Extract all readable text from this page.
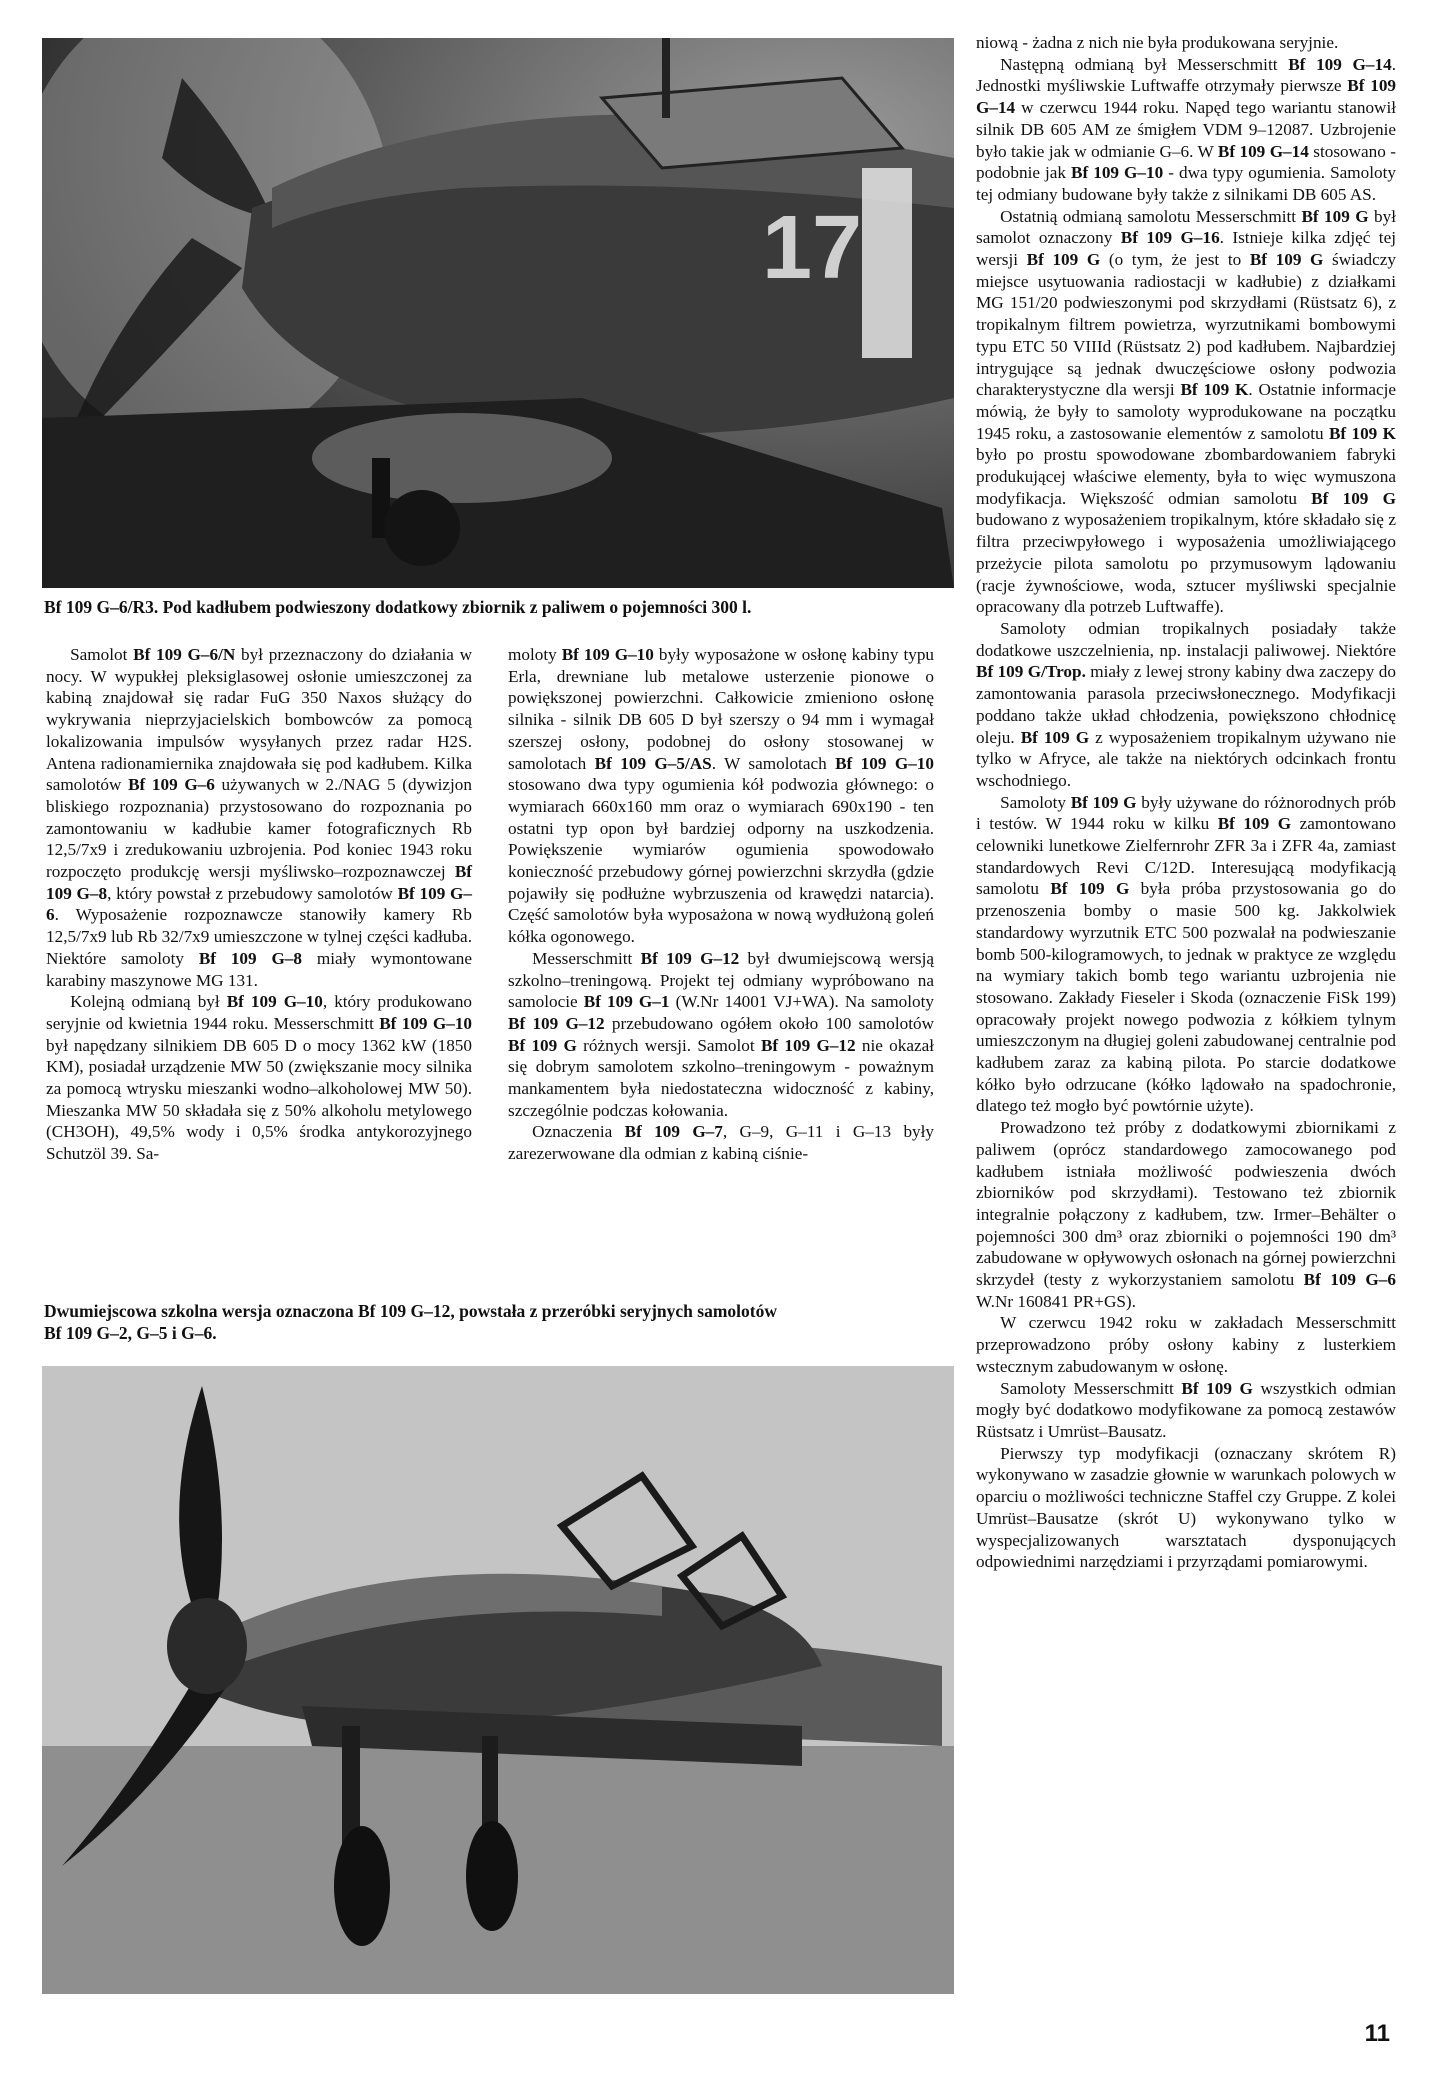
17
Bf 109 G–6/R3. Pod kadłubem podwieszony dodatkowy zbiornik z paliwem o pojemności 300 l.

Samolot Bf 109 G–6/N był przeznaczony do działania w nocy. W wypukłej pleksiglasowej osłonie umieszczonej za kabiną znajdował się radar FuG 350 Naxos służący do wykrywania nieprzyjacielskich bombowców za pomocą lokalizowania impulsów wysyłanych przez radar H2S. Antena radionamiernika znajdowała się pod kadłubem. Kilka samolotów Bf 109 G–6 używanych w 2./NAG 5 (dywizjon bliskiego rozpoznania) przystosowano do rozpoznania po zamontowaniu w kadłubie kamer fotograficznych Rb 12,5/7x9 i zredukowaniu uzbrojenia. Pod koniec 1943 roku rozpoczęto produkcję wersji myśliwsko–rozpoznawczej Bf 109 G–8, który powstał z przebudowy samolotów Bf 109 G–6. Wyposażenie rozpoznawcze stanowiły kamery Rb 12,5/7x9 lub Rb 32/7x9 umieszczone w tylnej części kadłuba. Niektóre samoloty Bf 109 G–8 miały wymontowane karabiny maszynowe MG 131.

Kolejną odmianą był Bf 109 G–10, który produkowano seryjnie od kwietnia 1944 roku. Messerschmitt Bf 109 G–10 był napędzany silnikiem DB 605 D o mocy 1362 kW (1850 KM), posiadał urządzenie MW 50 (zwiększanie mocy silnika za pomocą wtrysku mieszanki wodno–alkoholowej MW 50). Mieszanka MW 50 składała się z 50% alkoholu metylowego (CH3OH), 49,5% wody i 0,5% środka antykorozyjnego Schutzöl 39. Sa-

moloty Bf 109 G–10 były wyposażone w osłonę kabiny typu Erla, drewniane lub metalowe usterzenie pionowe o powiększonej powierzchni. Całkowicie zmieniono osłonę silnika - silnik DB 605 D był szerszy o 94 mm i wymagał szerszej osłony, podobnej do osłony stosowanej w samolotach Bf 109 G–5/AS. W samolotach Bf 109 G–10 stosowano dwa typy ogumienia kół podwozia głównego: o wymiarach 660x160 mm oraz o wymiarach 690x190 - ten ostatni typ opon był bardziej odporny na uszkodzenia. Powiększenie wymiarów ogumienia spowodowało konieczność przebudowy górnej powierzchni skrzydła (gdzie pojawiły się podłużne wybrzuszenia od krawędzi natarcia). Część samolotów była wyposażona w nową wydłużoną goleń kółka ogonowego.

Messerschmitt Bf 109 G–12 był dwumiejscową wersją szkolno–treningową. Projekt tej odmiany wypróbowano na samolocie Bf 109 G–1 (W.Nr 14001 VJ+WA). Na samoloty Bf 109 G–12 przebudowano ogółem około 100 samolotów Bf 109 G różnych wersji. Samolot Bf 109 G–12 nie okazał się dobrym samolotem szkolno–treningowym - poważnym mankamentem była niedostateczna widoczność z kabiny, szczególnie podczas kołowania.

Oznaczenia Bf 109 G–7, G–9, G–11 i G–13 były zarezerwowane dla odmian z kabiną ciśnie-

Dwumiejscowa szkolna wersja oznaczona Bf 109 G–12, powstała z przeróbki seryjnych samolotów
Bf 109 G–2, G–5 i G–6.

niową - żadna z nich nie była produkowana seryjnie.

Następną odmianą był Messerschmitt Bf 109 G–14. Jednostki myśliwskie Luftwaffe otrzymały pierwsze Bf 109 G–14 w czerwcu 1944 roku. Napęd tego wariantu stanowił silnik DB 605 AM ze śmigłem VDM 9–12087. Uzbrojenie było takie jak w odmianie G–6. W Bf 109 G–14 stosowano - podobnie jak Bf 109 G–10 - dwa typy ogumienia. Samoloty tej odmiany budowane były także z silnikami DB 605 AS.

Ostatnią odmianą samolotu Messerschmitt Bf 109 G był samolot oznaczony Bf 109 G–16. Istnieje kilka zdjęć tej wersji Bf 109 G (o tym, że jest to Bf 109 G świadczy miejsce usytuowania radiostacji w kadłubie) z działkami MG 151/20 podwieszonymi pod skrzydłami (Rüstsatz 6), z tropikalnym filtrem powietrza, wyrzutnikami bombowymi typu ETC 50 VIIId (Rüstsatz 2) pod kadłubem. Najbardziej intrygujące są jednak dwuczęściowe osłony podwozia charakterystyczne dla wersji Bf 109 K. Ostatnie informacje mówią, że były to samoloty wyprodukowane na początku 1945 roku, a zastosowanie elementów z samolotu Bf 109 K było po prostu spowodowane zbombardowaniem fabryki produkującej właściwe elementy, była to więc wymuszona modyfikacja. Większość odmian samolotu Bf 109 G budowano z wyposażeniem tropikalnym, które składało się z filtra przeciwpyłowego i wyposażenia umożliwiającego przeżycie pilota samolotu po przymusowym lądowaniu (racje żywnościowe, woda, sztucer myśliwski specjalnie opracowany dla potrzeb Luftwaffe).

Samoloty odmian tropikalnych posiadały także dodatkowe uszczelnienia, np. instalacji paliwowej. Niektóre Bf 109 G/Trop. miały z lewej strony kabiny dwa zaczepy do zamontowania parasola przeciwsłonecznego. Modyfikacji poddano także układ chłodzenia, powiększono chłodnicę oleju. Bf 109 G z wyposażeniem tropikalnym używano nie tylko w Afryce, ale także na niektórych odcinkach frontu wschodniego.

Samoloty Bf 109 G były używane do różnorodnych prób i testów. W 1944 roku w kilku Bf 109 G zamontowano celowniki lunetkowe Zielfernrohr ZFR 3a i ZFR 4a, zamiast standardowych Revi C/12D. Interesującą modyfikacją samolotu Bf 109 G była próba przystosowania go do przenoszenia bomby o masie 500 kg. Jakkolwiek standardowy wyrzutnik ETC 500 pozwalał na podwieszanie bomb 500-kilogramowych, to jednak w praktyce ze względu na wymiary takich bomb tego wariantu uzbrojenia nie stosowano. Zakłady Fieseler i Skoda (oznaczenie FiSk 199) opracowały projekt nowego podwozia z kółkiem tylnym umieszczonym na długiej goleni zabudowanej centralnie pod kadłubem zaraz za kabiną pilota. Po starcie dodatkowe kółko było odrzucane (kółko lądowało na spadochronie, dlatego też mogło być powtórnie użyte).

Prowadzono też próby z dodatkowymi zbiornikami z paliwem (oprócz standardowego zamocowanego pod kadłubem istniała możliwość podwieszenia dwóch zbiorników pod skrzydłami). Testowano też zbiornik integralnie połączony z kadłubem, tzw. Irmer–Behälter o pojemności 300 dm³ oraz zbiorniki o pojemności 190 dm³ zabudowane w opływowych osłonach na górnej powierzchni skrzydeł (testy z wykorzystaniem samolotu Bf 109 G–6 W.Nr 160841 PR+GS).

W czerwcu 1942 roku w zakładach Messerschmitt przeprowadzono próby osłony kabiny z lusterkiem wstecznym zabudowanym w osłonę.

Samoloty Messerschmitt Bf 109 G wszystkich odmian mogły być dodatkowo modyfikowane za pomocą zestawów Rüstsatz i Umrüst–Bausatz.

Pierwszy typ modyfikacji (oznaczany skrótem R) wykonywano w zasadzie głownie w warunkach polowych w oparciu o możliwości techniczne Staffel czy Gruppe. Z kolei Umrüst–Bausatze (skrót U) wykonywano tylko w wyspecjalizowanych warsztatach dysponujących odpowiednimi narzędziami i przyrządami pomiarowymi.

11
